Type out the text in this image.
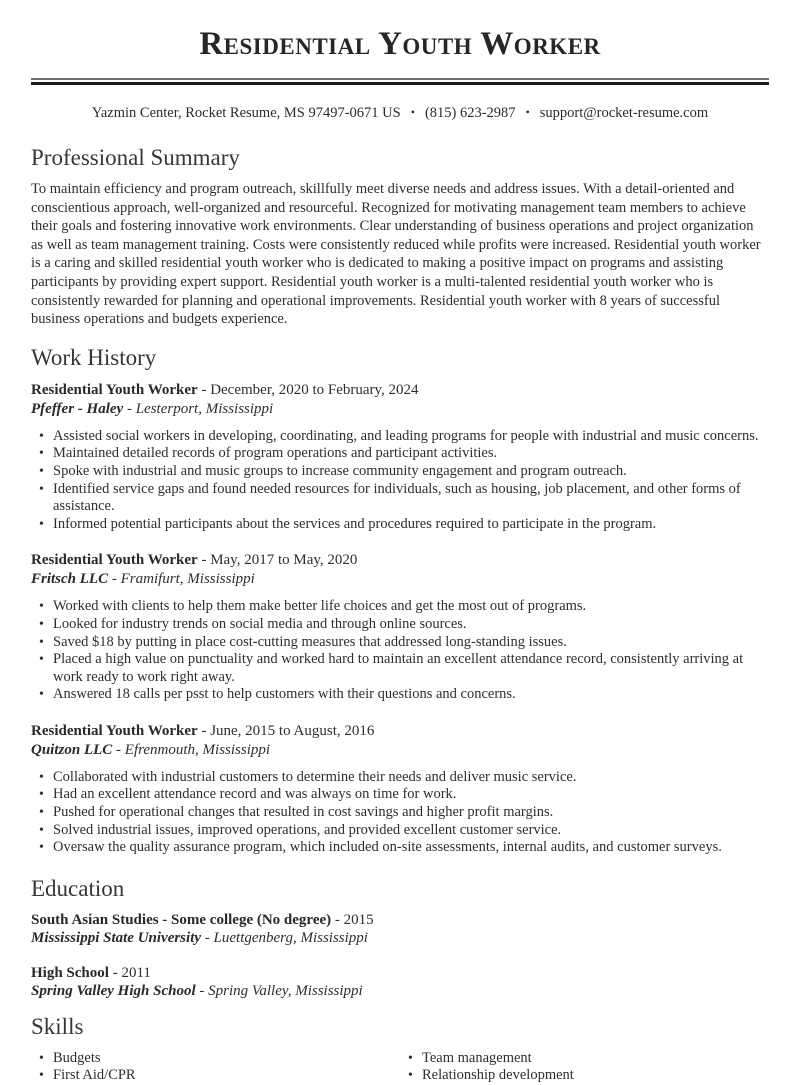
Residential Youth Worker
Yazmin Center, Rocket Resume, MS 97497-0671 US • (815) 623-2987 • support@rocket-resume.com
Professional Summary

To maintain efficiency and program outreach, skillfully meet diverse needs and address issues. With a detail-oriented and conscientious approach, well-organized and resourceful. Recognized for motivating management team members to achieve their goals and fostering innovative work environments. Clear understanding of business operations and project organization as well as team management training. Costs were consistently reduced while profits were increased. Residential youth worker is a caring and skilled residential youth worker who is dedicated to making a positive impact on programs and assisting participants by providing expert support. Residential youth worker is a multi-talented residential youth worker who is consistently rewarded for planning and operational improvements. Residential youth worker with 8 years of successful business operations and budgets experience.

Work History
Residential Youth Worker - December, 2020 to February, 2024
Pfeffer - Haley - Lesterport, Mississippi
• Assisted social workers in developing, coordinating, and leading programs for people with industrial and music concerns.
• Maintained detailed records of program operations and participant activities.
• Spoke with industrial and music groups to increase community engagement and program outreach.
• Identified service gaps and found needed resources for individuals, such as housing, job placement, and other forms of assistance.
• Informed potential participants about the services and procedures required to participate in the program.
Residential Youth Worker - May, 2017 to May, 2020
Fritsch LLC - Framifurt, Mississippi
• Worked with clients to help them make better life choices and get the most out of programs.
• Looked for industry trends on social media and through online sources.
• Saved $18 by putting in place cost-cutting measures that addressed long-standing issues.
• Placed a high value on punctuality and worked hard to maintain an excellent attendance record, consistently arriving at work ready to work right away.
• Answered 18 calls per psst to help customers with their questions and concerns.
Residential Youth Worker - June, 2015 to August, 2016
Quitzon LLC - Efrenmouth, Mississippi
• Collaborated with industrial customers to determine their needs and deliver music service.
• Had an excellent attendance record and was always on time for work.
• Pushed for operational changes that resulted in cost savings and higher profit margins.
• Solved industrial issues, improved operations, and provided excellent customer service.
• Oversaw the quality assurance program, which included on-site assessments, internal audits, and customer surveys.
Education
South Asian Studies - Some college (No degree) - 2015
Mississippi State University - Luettgenberg, Mississippi
High School - 2011
Spring Valley High School - Spring Valley, Mississippi
Skills
• Budgets
• First Aid/CPR
• Team management
• Relationship development
